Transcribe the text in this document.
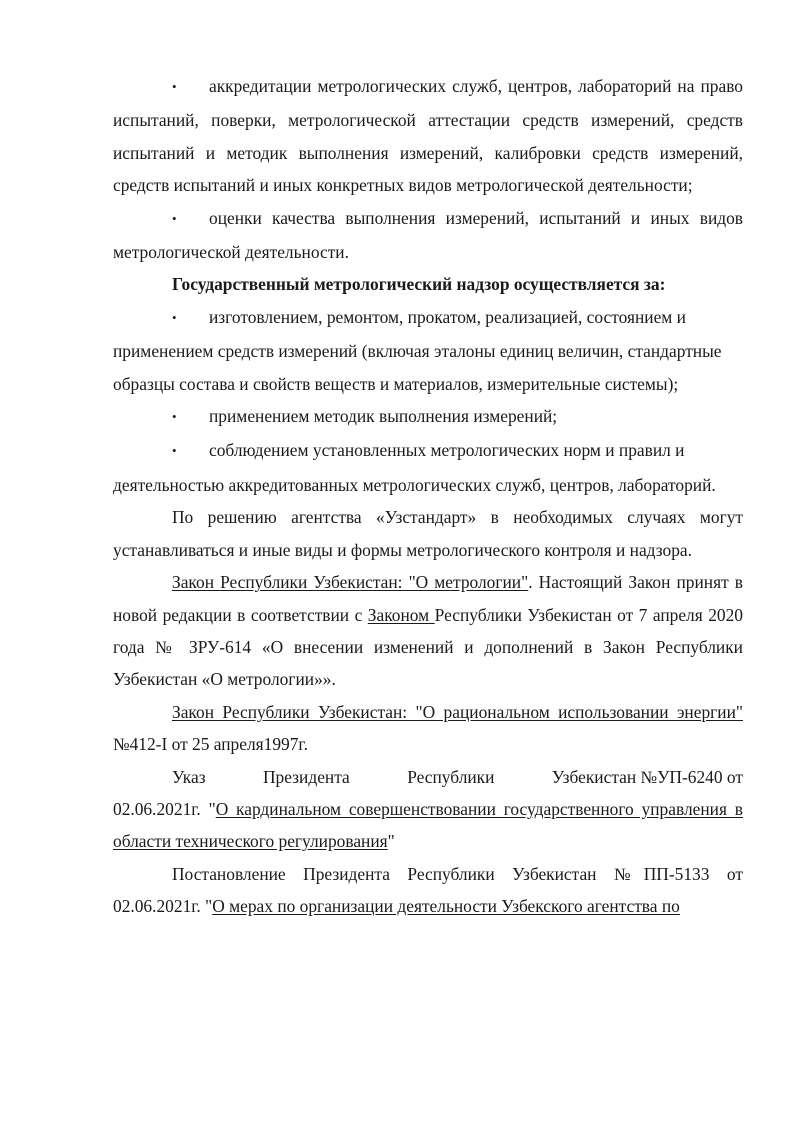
• аккредитации метрологических служб, центров, лабораторий на право испытаний, поверки, метрологической аттестации средств измерений, средств испытаний и методик выполнения измерений, калибровки средств измерений, средств испытаний и иных конкретных видов метрологической деятельности;

• оценки качества выполнения измерений, испытаний и иных видов метрологической деятельности.

Государственный метрологический надзор осуществляется за:

• изготовлением, ремонтом, прокатом, реализацией, состоянием и применением средств измерений (включая эталоны единиц величин, стандартные образцы состава и свойств веществ и материалов, измерительные системы);

• применением методик выполнения измерений;

• соблюдением установленных метрологических норм и правил и деятельностью аккредитованных метрологических служб, центров, лабораторий.

По решению агентства «Узстандарт» в необходимых случаях могут устанавливаться и иные виды и формы метрологического контроля и надзора.

Закон Республики Узбекистан: "О метрологии". Настоящий Закон принят в новой редакции в соответствии с Законом Республики Узбекистан от 7 апреля 2020 года № ЗРУ-614 «О внесении изменений и дополнений в Закон Республики Узбекистан «О метрологии»».

Закон Республики Узбекистан: "О рациональном использовании энергии" №412-I от 25 апреля1997г.

Указ	Президента	Республики	Узбекистан №УП-6240 от

02.06.2021г. "О кардинальном совершенствовании государственного управления в области технического регулирования"

Постановление Президента Республики Узбекистан №ПП-5133 от 02.06.2021г. "О мерах по организации деятельности Узбекского агентства по
